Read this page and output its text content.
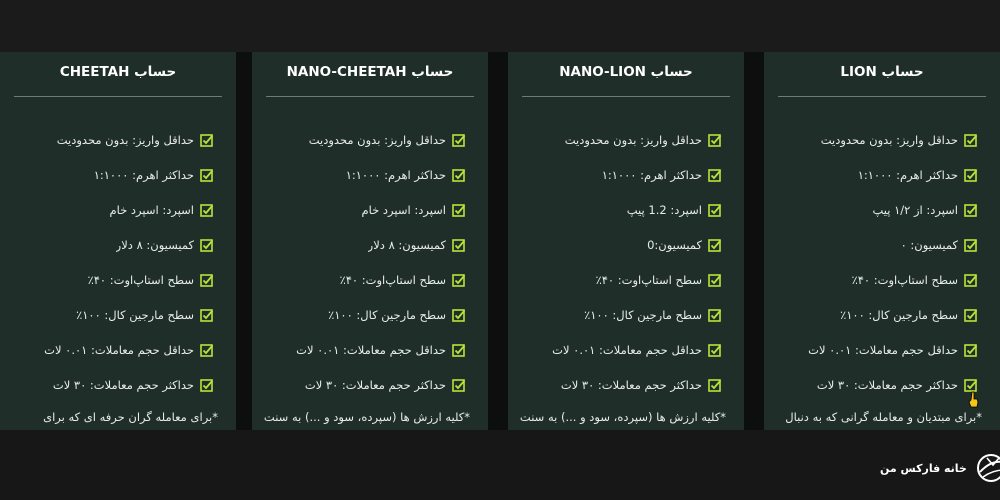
حساب CHEETAH
حداقل واریز: بدون محدودیت
حداکثر اهرم: ۱:۱۰۰۰
اسپرد: اسپرد خام
کمیسیون: ۸ دلار
سطح استاپ‌اوت: ۴۰٪
سطح مارجین کال: ۱۰۰٪
حداقل حجم معاملات: ۰.۰۱ لات
حداکثر حجم معاملات: ۳۰ لات
*برای معامله گران حرفه ای که برای
حساب NANO-CHEETAH
حداقل واریز: بدون محدودیت
حداکثر اهرم: ۱:۱۰۰۰
اسپرد: اسپرد خام
کمیسیون: ۸ دلار
سطح استاپ‌اوت: ۴۰٪
سطح مارجین کال: ۱۰۰٪
حداقل حجم معاملات: ۰.۰۱ لات
حداکثر حجم معاملات: ۳۰ لات
*کلیه ارزش ها (سپرده، سود و ...) به سنت
حساب NANO-LION
حداقل واریز: بدون محدودیت
حداکثر اهرم: ۱:۱۰۰۰
اسپرد: 1.2 پیپ
کمیسیون:0
سطح استاپ‌اوت: ۴۰٪
سطح مارجین کال: ۱۰۰٪
حداقل حجم معاملات: ۰.۰۱ لات
حداکثر حجم معاملات: ۳۰ لات
*کلیه ارزش ها (سپرده، سود و ...) به سنت
حساب LION
حداقل واریز: بدون محدودیت
حداکثر اهرم: ۱:۱۰۰۰
اسپرد: از ۱/۲ پیپ
کمیسیون: ۰
سطح استاپ‌اوت: ۴۰٪
سطح مارجین کال: ۱۰۰٪
حداقل حجم معاملات: ۰.۰۱ لات
حداکثر حجم معاملات: ۳۰ لات
*برای مبتدیان و معامله گرانی که به دنبال
خانه فارکس من
